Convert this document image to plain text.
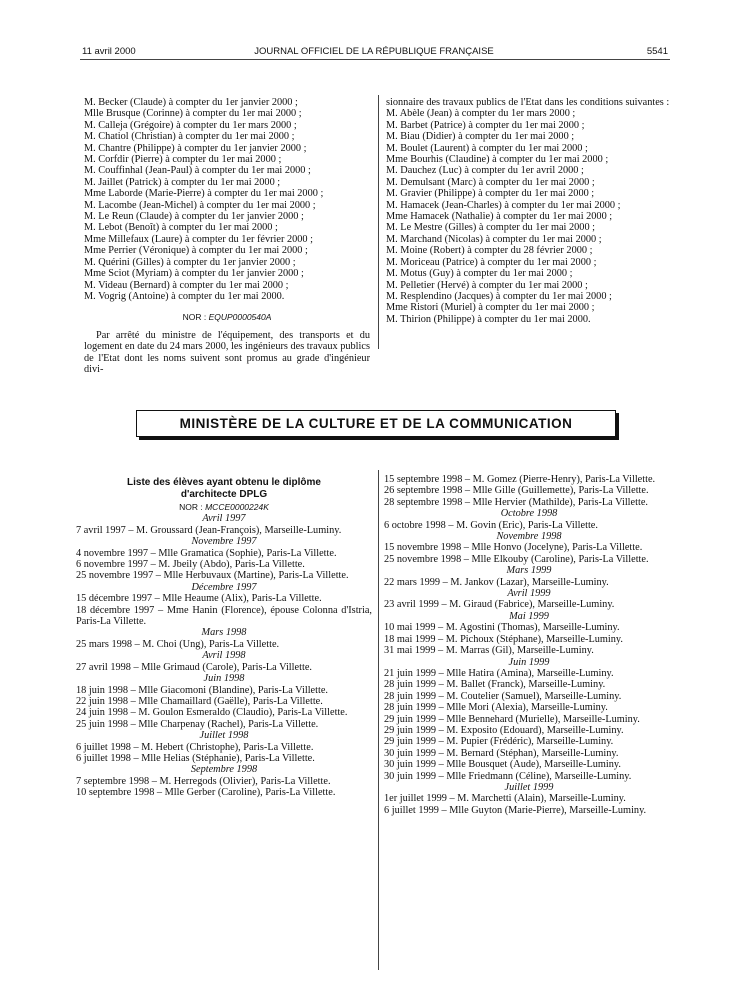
11 avril 2000	JOURNAL OFFICIEL DE LA RÉPUBLIQUE FRANÇAISE	5541

M. Becker (Claude) à compter du 1er janvier 2000 ;

Mlle Brusque (Corinne) à compter du 1er mai 2000 ;

M. Calleja (Grégoire) à compter du 1er mars 2000 ;

M. Chatiol (Christian) à compter du 1er mai 2000 ;

M. Chantre (Philippe) à compter du 1er janvier 2000 ;

M. Corfdir (Pierre) à compter du 1er mai 2000 ;

M. Couffinhal (Jean-Paul) à compter du 1er mai 2000 ;

M. Jaillet (Patrick) à compter du 1er mai 2000 ;

Mme Laborde (Marie-Pierre) à compter du 1er mai 2000 ;

M. Lacombe (Jean-Michel) à compter du 1er mai 2000 ;

M. Le Reun (Claude) à compter du 1er janvier 2000 ;

M. Lebot (Benoît) à compter du 1er mai 2000 ;

Mme Millefaux (Laure) à compter du 1er février 2000 ;

Mme Perrier (Véronique) à compter du 1er mai 2000 ;

M. Quérini (Gilles) à compter du 1er janvier 2000 ;

Mme Sciot (Myriam) à compter du 1er janvier 2000 ;

M. Videau (Bernard) à compter du 1er mai 2000 ;

M. Vogrig (Antoine) à compter du 1er mai 2000.

NOR : EQUP0000540A

Par arrêté du ministre de l'équipement, des transports et du logement en date du 24 mars 2000, les ingénieurs des travaux publics de l'Etat dont les noms suivent sont promus au grade d'ingénieur divi-

sionnaire des travaux publics de l'Etat dans les conditions suivantes :

M. Abèle (Jean) à compter du 1er mars 2000 ;

M. Barbet (Patrice) à compter du 1er mai 2000 ;

M. Biau (Didier) à compter du 1er mai 2000 ;

M. Boulet (Laurent) à compter du 1er mai 2000 ;

Mme Bourhis (Claudine) à compter du 1er mai 2000 ;

M. Dauchez (Luc) à compter du 1er avril 2000 ;

M. Demulsant (Marc) à compter du 1er mai 2000 ;

M. Gravier (Philippe) à compter du 1er mai 2000 ;

M. Hamacek (Jean-Charles) à compter du 1er mai 2000 ;

Mme Hamacek (Nathalie) à compter du 1er mai 2000 ;

M. Le Mestre (Gilles) à compter du 1er mai 2000 ;

M. Marchand (Nicolas) à compter du 1er mai 2000 ;

M. Moine (Robert) à compter du 28 février 2000 ;

M. Moriceau (Patrice) à compter du 1er mai 2000 ;

M. Motus (Guy) à compter du 1er mai 2000 ;

M. Pelletier (Hervé) à compter du 1er mai 2000 ;

M. Resplendino (Jacques) à compter du 1er mai 2000 ;

Mme Ristori (Muriel) à compter du 1er mai 2000 ;

M. Thirion (Philippe) à compter du 1er mai 2000.

MINISTÈRE DE LA CULTURE ET DE LA COMMUNICATION
Liste des élèves ayant obtenu le diplôme
d'architecte DPLG
NOR : MCCE0000224K

Avril 1997

7 avril 1997 – M. Groussard (Jean-François), Marseille-Luminy.

Novembre 1997

4 novembre 1997 – Mlle Gramatica (Sophie), Paris-La Villette.

6 novembre 1997 – M. Jbeily (Abdo), Paris-La Villette.

25 novembre 1997 – Mlle Herbuvaux (Martine), Paris-La Villette.

Décembre 1997

15 décembre 1997 – Mlle Heaume (Alix), Paris-La Villette.

18 décembre 1997 – Mme Hanin (Florence), épouse Colonna d'Istria, Paris-La Villette.

Mars 1998

25 mars 1998 – M. Choi (Ung), Paris-La Villette.

Avril 1998

27 avril 1998 – Mlle Grimaud (Carole), Paris-La Villette.

Juin 1998

18 juin 1998 – Mlle Giacomoni (Blandine), Paris-La Villette.

22 juin 1998 – Mlle Chamaillard (Gaëlle), Paris-La Villette.

24 juin 1998 – M. Goulon Esmeraldo (Claudio), Paris-La Villette.

25 juin 1998 – Mlle Charpenay (Rachel), Paris-La Villette.

Juillet 1998

6 juillet 1998 – M. Hebert (Christophe), Paris-La Villette.

6 juillet 1998 – Mlle Helias (Stéphanie), Paris-La Villette.

Septembre 1998

7 septembre 1998 – M. Herregods (Olivier), Paris-La Villette.

10 septembre 1998 – Mlle Gerber (Caroline), Paris-La Villette.

15 septembre 1998 – M. Gomez (Pierre-Henry), Paris-La Villette.

26 septembre 1998 – Mlle Gille (Guillemette), Paris-La Villette.

28 septembre 1998 – Mlle Hervier (Mathilde), Paris-La Villette.

Octobre 1998

6 octobre 1998 – M. Govin (Eric), Paris-La Villette.

Novembre 1998

15 novembre 1998 – Mlle Honvo (Jocelyne), Paris-La Villette.

25 novembre 1998 – Mlle Elkouby (Caroline), Paris-La Villette.

Mars 1999

22 mars 1999 – M. Jankov (Lazar), Marseille-Luminy.

Avril 1999

23 avril 1999 – M. Giraud (Fabrice), Marseille-Luminy.

Mai 1999

10 mai 1999 – M. Agostini (Thomas), Marseille-Luminy.

18 mai 1999 – M. Pichoux (Stéphane), Marseille-Luminy.

31 mai 1999 – M. Marras (Gil), Marseille-Luminy.

Juin 1999

21 juin 1999 – Mlle Hatira (Amina), Marseille-Luminy.

28 juin 1999 – M. Ballet (Franck), Marseille-Luminy.

28 juin 1999 – M. Coutelier (Samuel), Marseille-Luminy.

28 juin 1999 – Mlle Mori (Alexia), Marseille-Luminy.

29 juin 1999 – Mlle Bennehard (Murielle), Marseille-Luminy.

29 juin 1999 – M. Exposito (Edouard), Marseille-Luminy.

29 juin 1999 – M. Pupier (Frédéric), Marseille-Luminy.

30 juin 1999 – M. Bernard (Stéphan), Marseille-Luminy.

30 juin 1999 – Mlle Bousquet (Aude), Marseille-Luminy.

30 juin 1999 – Mlle Friedmann (Céline), Marseille-Luminy.

Juillet 1999

1er juillet 1999 – M. Marchetti (Alain), Marseille-Luminy.

6 juillet 1999 – Mlle Guyton (Marie-Pierre), Marseille-Luminy.
